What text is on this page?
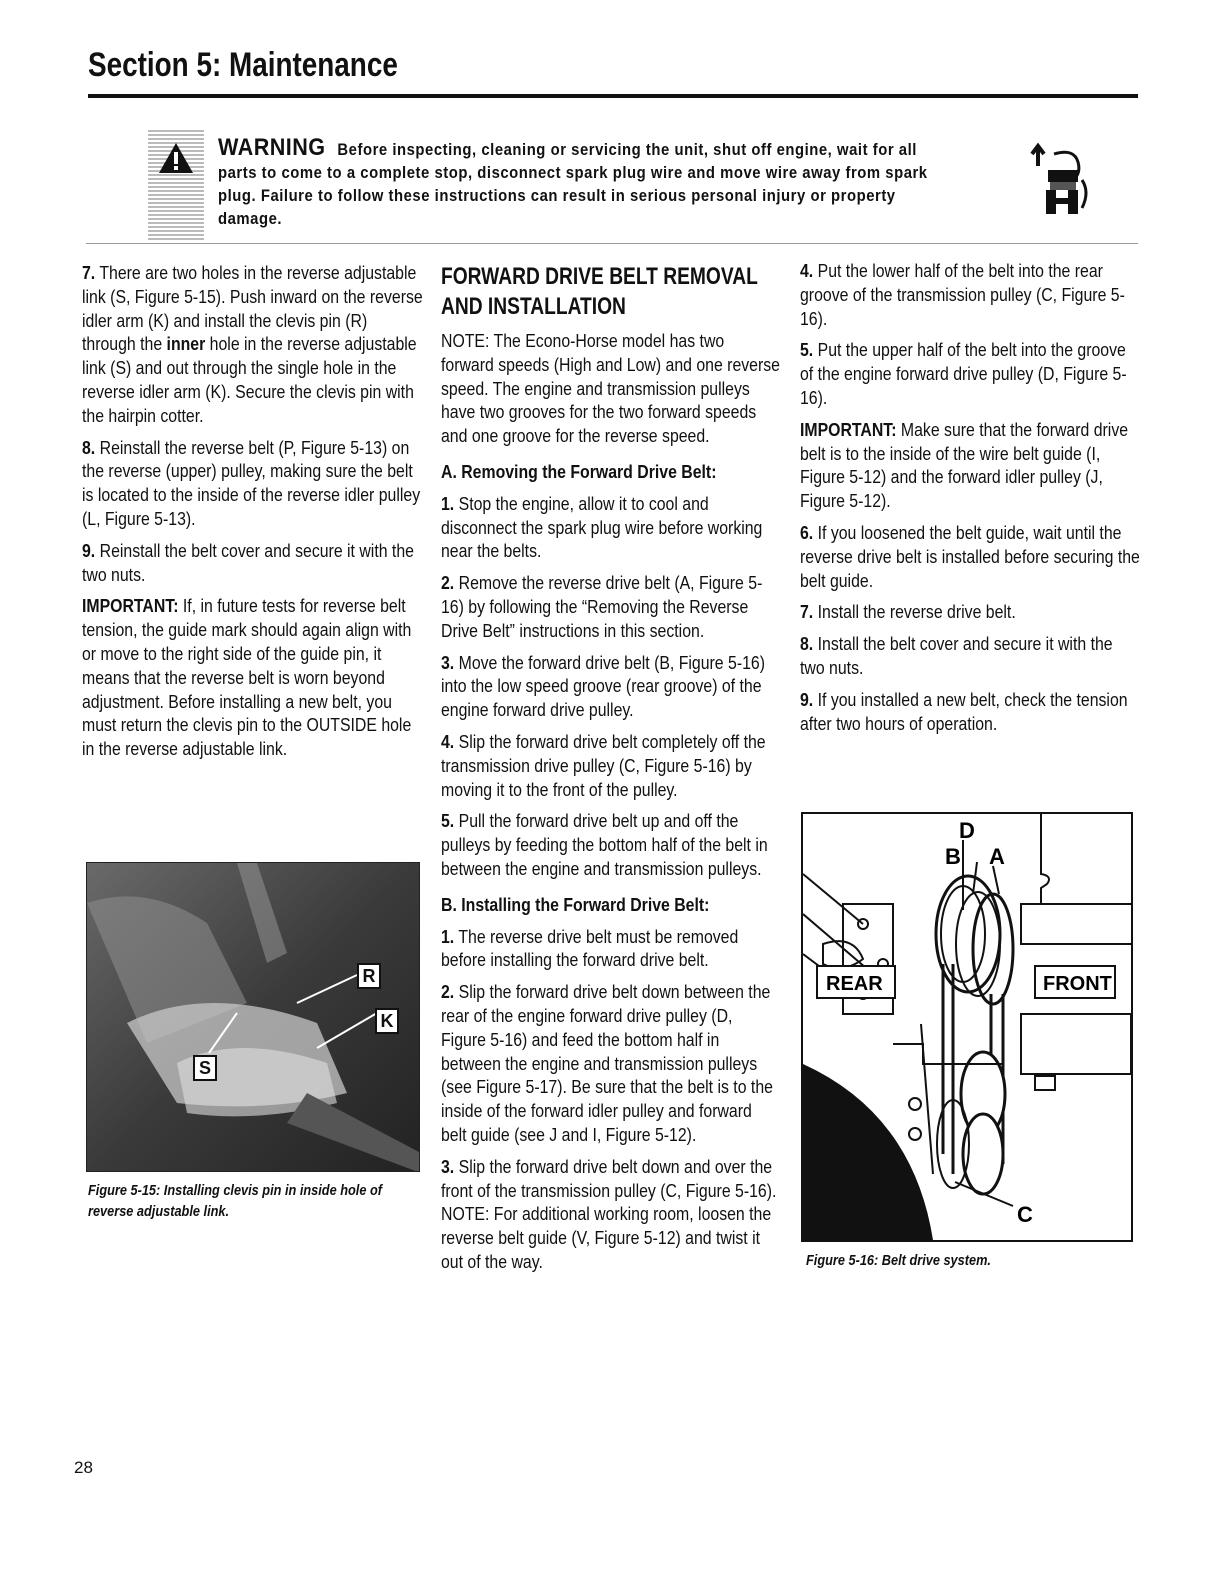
Section 5: Maintenance
WARNING Before inspecting, cleaning or servicing the unit, shut off engine, wait for all parts to come to a complete stop, disconnect spark plug wire and move wire away from spark plug. Failure to follow these instructions can result in serious personal injury or property damage.

7. There are two holes in the reverse adjustable link (S, Figure 5-15). Push inward on the reverse idler arm (K) and install the clevis pin (R) through the inner hole in the reverse adjustable link (S) and out through the single hole in the reverse idler arm (K). Secure the clevis pin with the hairpin cotter.

8. Reinstall the reverse belt (P, Figure 5-13) on the reverse (upper) pulley, making sure the belt is located to the inside of the reverse idler pulley (L, Figure 5-13).

9. Reinstall the belt cover and secure it with the two nuts.

IMPORTANT: If, in future tests for reverse belt tension, the guide mark should again align with or move to the right side of the guide pin, it means that the reverse belt is worn beyond adjustment. Before installing a new belt, you must return the clevis pin to the OUTSIDE hole in the reverse adjustable link.

R
K
S
Figure 5-15: Installing clevis pin in inside hole of reverse adjustable link.
FORWARD DRIVE BELT REMOVAL AND INSTALLATION

NOTE: The Econo-Horse model has two forward speeds (High and Low) and one reverse speed. The engine and transmission pulleys have two grooves for the two forward speeds and one groove for the reverse speed.

A. Removing the Forward Drive Belt:

1. Stop the engine, allow it to cool and disconnect the spark plug wire before working near the belts.

2. Remove the reverse drive belt (A, Figure 5-16) by following the “Removing the Reverse Drive Belt” instructions in this section.

3. Move the forward drive belt (B, Figure 5-16) into the low speed groove (rear groove) of the engine forward drive pulley.

4. Slip the forward drive belt completely off the transmission drive pulley (C, Figure 5-16) by moving it to the front of the pulley.

5. Pull the forward drive belt up and off the pulleys by feeding the bottom half of the belt in between the engine and transmission pulleys.

B. Installing the Forward Drive Belt:

1. The reverse drive belt must be removed before installing the forward drive belt.

2. Slip the forward drive belt down between the rear of the engine forward drive pulley (D, Figure 5-16) and feed the bottom half in between the engine and transmission pulleys (see Figure 5-17). Be sure that the belt is to the inside of the forward idler pulley and forward belt guide (see J and I, Figure 5-12).

3. Slip the forward drive belt down and over the front of the transmission pulley (C, Figure 5-16). NOTE: For additional working room, loosen the reverse belt guide (V, Figure 5-12) and twist it out of the way.

4. Put the lower half of the belt into the rear groove of the transmission pulley (C, Figure 5-16).

5. Put the upper half of the belt into the groove of the engine forward drive pulley (D, Figure 5-16).

IMPORTANT: Make sure that the forward drive belt is to the inside of the wire belt guide (I, Figure 5-12) and the forward idler pulley (J, Figure 5-12).

6. If you loosened the belt guide, wait until the reverse drive belt is installed before securing the belt guide.

7. Install the reverse drive belt.

8. Install the belt cover and secure it with the two nuts.

9. If you installed a new belt, check the tension after two hours of operation.

D
B A
REAR	FRONT
C
Figure 5-16: Belt drive system.
28
